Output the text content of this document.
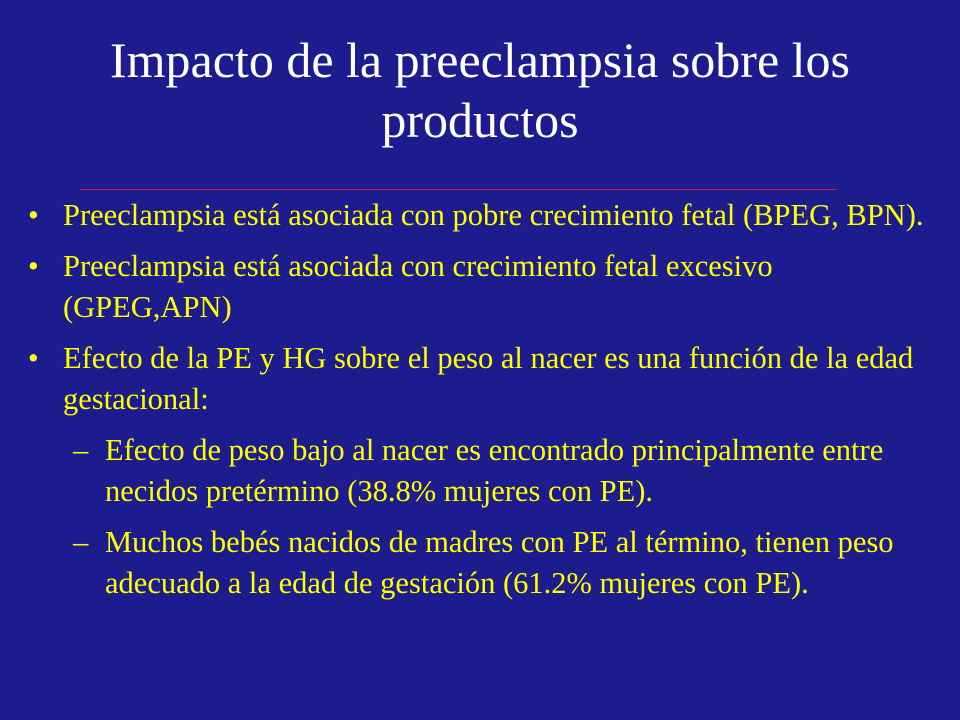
Impacto de la preeclampsia sobre los productos
• Preeclampsia está asociada con pobre crecimiento fetal (BPEG, BPN).
• Preeclampsia está asociada con crecimiento fetal excesivo (GPEG,APN)
• Efecto de la PE y HG sobre el peso al nacer es una función de la edad gestacional:
– Efecto de peso bajo al nacer es encontrado principalmente entre necidos pretérmino (38.8% mujeres con PE).
– Muchos bebés nacidos de madres con PE al término, tienen peso adecuado a la edad de gestación (61.2% mujeres con PE).
